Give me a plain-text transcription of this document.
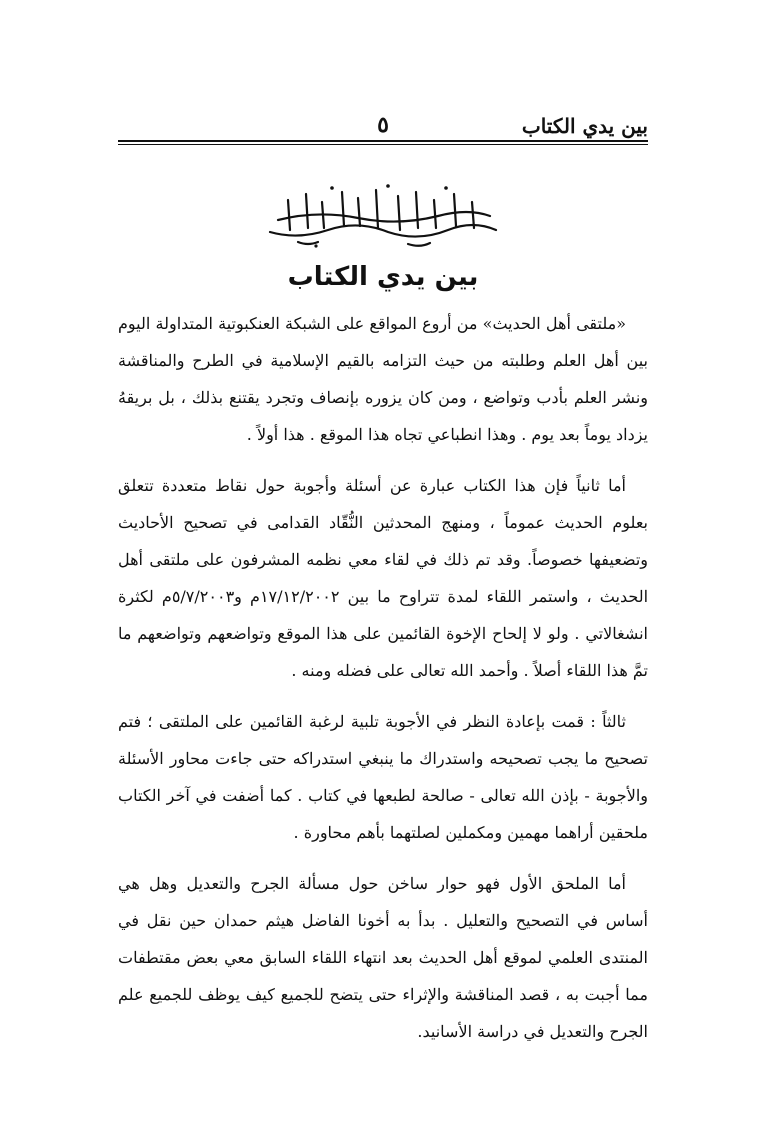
بين يدي الكتاب
٥
بين يدي الكتاب

«ملتقى أهل الحديث» من أروع المواقع على الشبكة العنكبوتية المتداولة اليوم بين أهل العلم وطلبته من حيث التزامه بالقيم الإسلامية في الطرح والمناقشة ونشر العلم بأدب وتواضع ، ومن كان يزوره بإنصاف وتجرد يقتنع بذلك ، بل بريقهُ يزداد يوماً بعد يوم . وهذا انطباعي تجاه هذا الموقع . هذا أولاً .

أما ثانياً فإن هذا الكتاب عبارة عن أسئلة وأجوبة حول نقاط متعددة تتعلق بعلوم الحديث عموماً ، ومنهج المحدثين النُّقّاد القدامى في تصحيح الأحاديث وتضعيفها خصوصاً. وقد تم ذلك في لقاء معي نظمه المشرفون على ملتقى أهل الحديث ، واستمر اللقاء لمدة تتراوح ما بين ١٧/١٢/٢٠٠٢م و٥/٧/٢٠٠٣م لكثرة انشغالاتي . ولو لا إلحاح الإخوة القائمين على هذا الموقع وتواضعهم وتواضعهم ما تمَّ هذا اللقاء أصلاً . وأحمد الله تعالى على فضله ومنه .

ثالثاً : قمت بإعادة النظر في الأجوبة تلبية لرغبة القائمين على الملتقى ؛ فتم تصحيح ما يجب تصحيحه واستدراك ما ينبغي استدراكه حتى جاءت محاور الأسئلة والأجوبة - بإذن الله تعالى - صالحة لطبعها في كتاب . كما أضفت في آخر الكتاب ملحقين أراهما مهمين ومكملين لصلتهما بأهم محاورة .

أما الملحق الأول فهو حوار ساخن حول مسألة الجرح والتعديل وهل هي أساس في التصحيح والتعليل . بدأ به أخونا الفاضل هيثم حمدان حين نقل في المنتدى العلمي لموقع أهل الحديث بعد انتهاء اللقاء السابق معي بعض مقتطفات مما أجبت به ، قصد المناقشة والإثراء حتى يتضح للجميع كيف يوظف للجميع علم الجرح والتعديل في دراسة الأسانيد.
